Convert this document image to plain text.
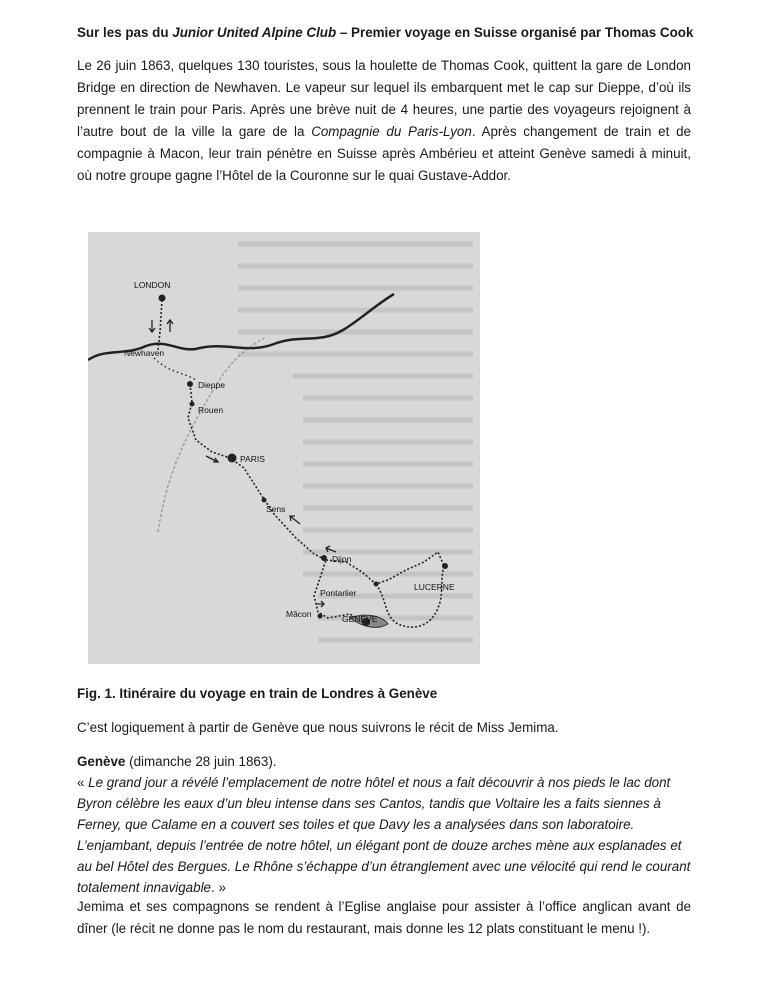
Sur les pas du Junior United Alpine Club – Premier voyage en Suisse organisé par Thomas Cook

Le 26 juin 1863, quelques 130 touristes, sous la houlette de Thomas Cook, quittent la gare de London Bridge en direction de Newhaven. Le vapeur sur lequel ils embarquent met le cap sur Dieppe, d’où ils prennent le train pour Paris. Après une brève nuit de 4 heures, une partie des voyageurs rejoignent à l’autre bout de la ville la gare de la Compagnie du Paris-Lyon. Après changement de train et de compagnie à Macon, leur train pénètre en Suisse après Ambérieu et atteint Genève samedi à minuit, où notre groupe gagne l’Hôtel de la Couronne sur le quai Gustave-Addor.

LONDON
Newhaven
Dieppe
Rouen
PARIS
Sens
Dijon
Pontarlier
LUCERNE
Mâcon	GENÈVE

Fig. 1. Itinéraire du voyage en train de Londres à Genève

C’est logiquement à partir de Genève que nous suivrons le récit de Miss Jemima.

Genève (dimanche 28 juin 1863).
« Le grand jour a révélé l’emplacement de notre hôtel et nous a fait découvrir à nos pieds le lac dont Byron célèbre les eaux d’un bleu intense dans ses Cantos, tandis que Voltaire les a faits siennes à Ferney, que Calame en a couvert ses toiles et que Davy les a analysées dans son laboratoire. L’enjambant, depuis l’entrée de notre hôtel, un élégant pont de douze arches mène aux esplanades et au bel Hôtel des Bergues. Le Rhône s’échappe d’un étranglement avec une vélocité qui rend le courant totalement innavigable. »

Jemima et ses compagnons se rendent à l’Eglise anglaise pour assister à l’office anglican avant de dîner (le récit ne donne pas le nom du restaurant, mais donne les 12 plats constituant le menu !).
